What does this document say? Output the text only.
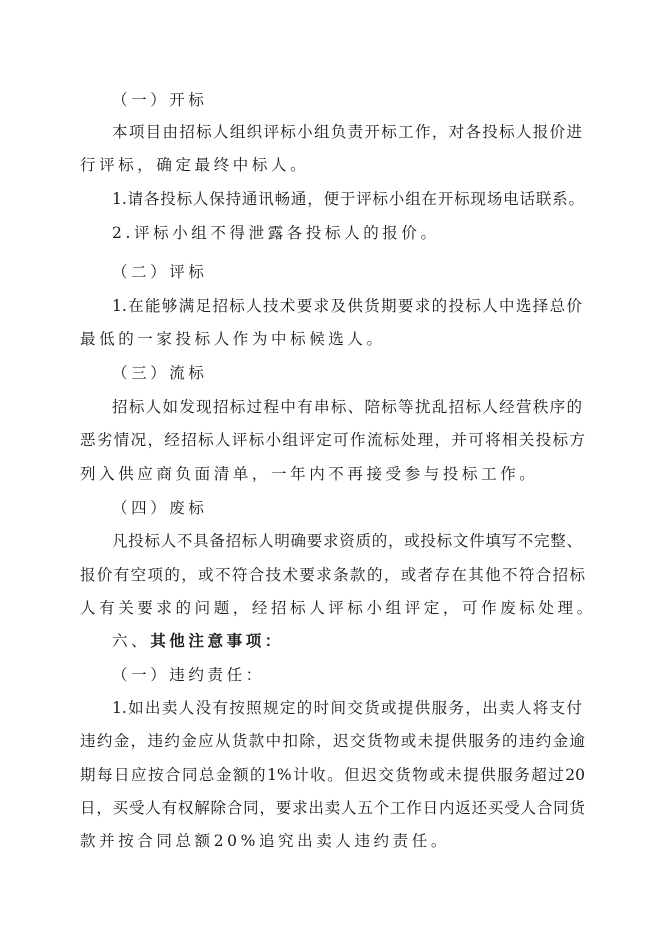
（一）开标
本项目由招标人组织评标小组负责开标工作，对各投标人报价进
行评标，确定最终中标人。
1.请各投标人保持通讯畅通，便于评标小组在开标现场电话联系。
2.评标小组不得泄露各投标人的报价。
（二）评标
1.在能够满足招标人技术要求及供货期要求的投标人中选择总价
最低的一家投标人作为中标候选人。
（三）流标
招标人如发现招标过程中有串标、陪标等扰乱招标人经营秩序的
恶劣情况，经招标人评标小组评定可作流标处理，并可将相关投标方
列入供应商负面清单，一年内不再接受参与投标工作。
（四）废标
凡投标人不具备招标人明确要求资质的，或投标文件填写不完整、
报价有空项的，或不符合技术要求条款的，或者存在其他不符合招标
人有关要求的问题，经招标人评标小组评定，可作废标处理。
六、其他注意事项：
（一）违约责任：
1.如出卖人没有按照规定的时间交货或提供服务，出卖人将支付
违约金，违约金应从货款中扣除，迟交货物或未提供服务的违约金逾
期每日应按合同总金额的1%计收。但迟交货物或未提供服务超过20
日，买受人有权解除合同，要求出卖人五个工作日内返还买受人合同货
款并按合同总额20%追究出卖人违约责任。
